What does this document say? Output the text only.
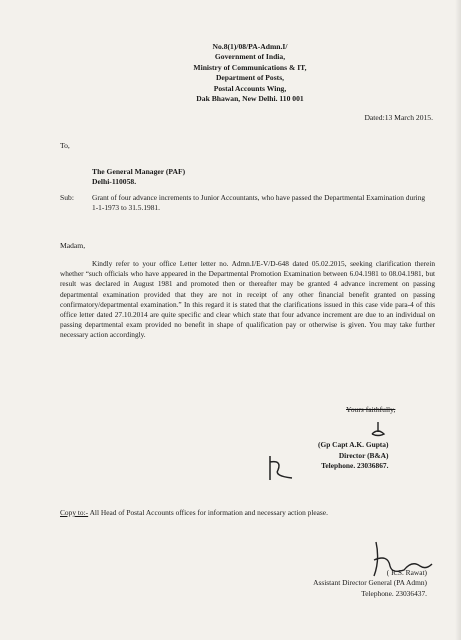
No.8(1)/08/PA-Admn.I/
Government of India,
Ministry of Communications & IT,
Department of Posts,
Postal Accounts Wing,
Dak Bhawan, New Delhi. 110 001
Dated:13 March 2015.
To,
The General Manager (PAF)
Delhi-110058.
Sub: Grant of four advance increments to Junior Accountants, who have passed the Departmental Examination during 1-1-1973 to 31.5.1981.
Madam,
Kindly refer to your office Letter letter no. Admn.I/E-V/D-648 dated 05.02.2015, seeking clarification therein whether “such officials who have appeared in the Departmental Promotion Examination between 6.04.1981 to 08.04.1981, but result was declared in August 1981 and promoted then or thereafter may be granted 4 advance increment on passing departmental examination provided that they are not in receipt of any other financial benefit granted on passing confirmatory/departmental examination.” In this regard it is stated that the clarifications issued in this case vide para-4 of this office letter dated 27.10.2014 are quite specific and clear which state that four advance increment are due to an individual on passing departmental exam provided no benefit in shape of qualification pay or otherwise is given. You may take further necessary action accordingly.
Yours faithfully,
(Gp Capt A.K. Gupta)
Director (B&A)
Telephone. 23036867.
Copy to:- All Head of Postal Accounts offices for information and necessary action please.
( R.S. Rawat)
Assistant Director General (PA Admn)
Telephone. 23036437.
